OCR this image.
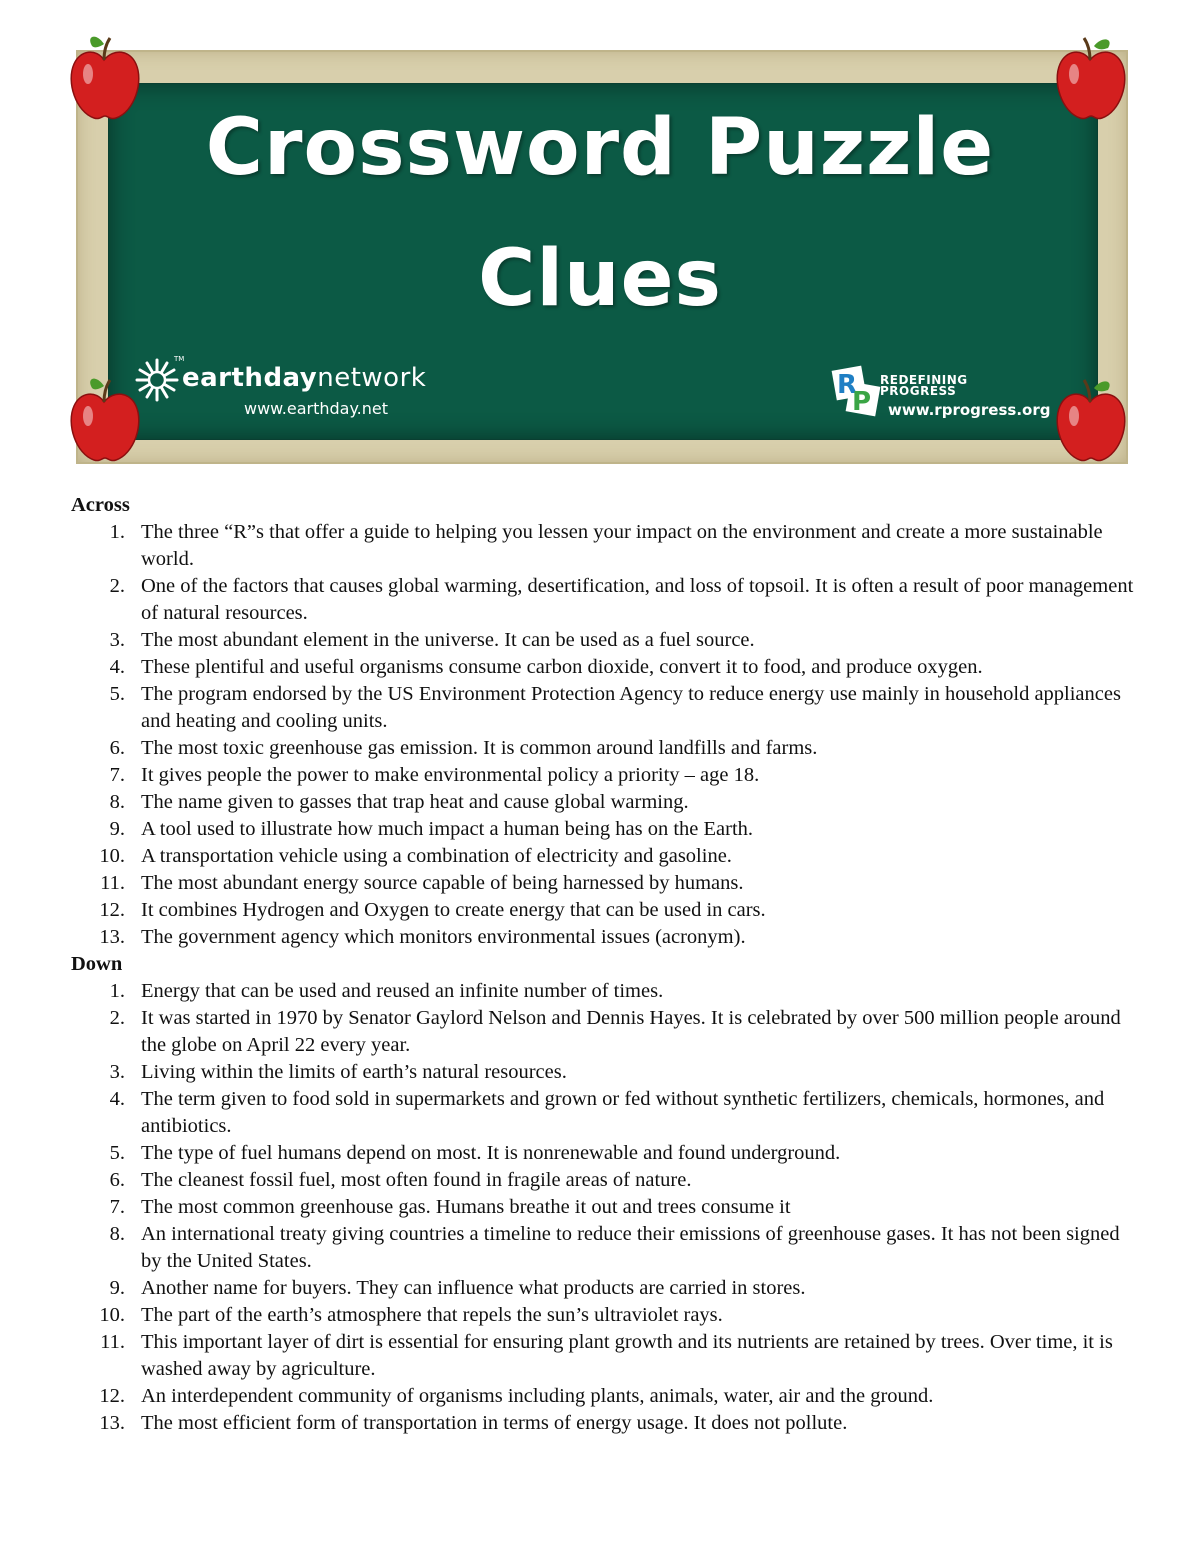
Crossword Puzzle
Clues
TM
earthdaynetwork
www.earthday.net
R
P
REDEFINING PROGRESS
www.rprogress.org
Across
1. The three “R”s that offer a guide to helping you lessen your impact on the environment and create a more sustainable world.
2. One of the factors that causes global warming, desertification, and loss of topsoil. It is often a result of poor management of natural resources.
3. The most abundant element in the universe. It can be used as a fuel source.
4. These plentiful and useful organisms consume carbon dioxide, convert it to food, and produce oxygen.
5. The program endorsed by the US Environment Protection Agency to reduce energy use mainly in household appliances and heating and cooling units.
6. The most toxic greenhouse gas emission. It is common around landfills and farms.
7. It gives people the power to make environmental policy a priority – age 18.
8. The name given to gasses that trap heat and cause global warming.
9. A tool used to illustrate how much impact a human being has on the Earth.
10. A transportation vehicle using a combination of electricity and gasoline.
11. The most abundant energy source capable of being harnessed by humans.
12. It combines Hydrogen and Oxygen to create energy that can be used in cars.
13. The government agency which monitors environmental issues (acronym).
Down
1. Energy that can be used and reused an infinite number of times.
2. It was started in 1970 by Senator Gaylord Nelson and Dennis Hayes. It is celebrated by over 500 million people around the globe on April 22 every year.
3. Living within the limits of earth’s natural resources.
4. The term given to food sold in supermarkets and grown or fed without synthetic fertilizers, chemicals, hormones, and antibiotics.
5. The type of fuel humans depend on most. It is nonrenewable and found underground.
6. The cleanest fossil fuel, most often found in fragile areas of nature.
7. The most common greenhouse gas. Humans breathe it out and trees consume it
8. An international treaty giving countries a timeline to reduce their emissions of greenhouse gases. It has not been signed by the United States.
9. Another name for buyers. They can influence what products are carried in stores.
10. The part of the earth’s atmosphere that repels the sun’s ultraviolet rays.
11. This important layer of dirt is essential for ensuring plant growth and its nutrients are retained by trees. Over time, it is washed away by agriculture.
12. An interdependent community of organisms including plants, animals, water, air and the ground.
13. The most efficient form of transportation in terms of energy usage. It does not pollute.
